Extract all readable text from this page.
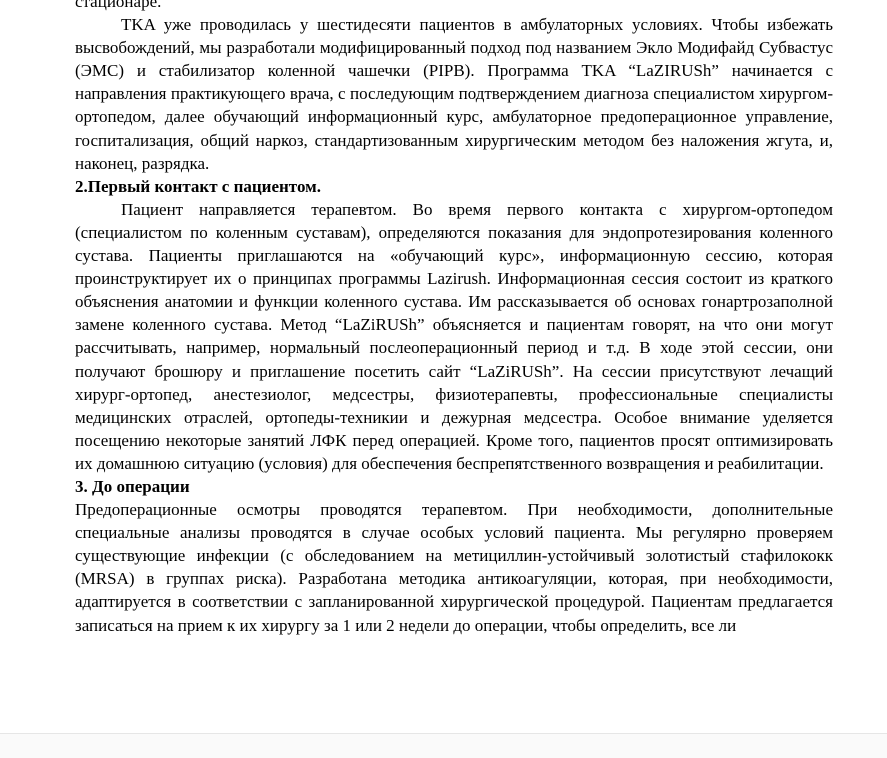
стационаре.

TKA уже проводилась у шестидесяти пациентов в амбулаторных условиях. Чтобы избежать высвобождений, мы разработали модифицированный подход под названием Экло Модифайд Субвастус (ЭМС) и стабилизатор коленной чашечки (PIPB). Программа TKA “LaZIRUSh” начинается с направления практикующего врача, с последующим подтверждением диагноза специалистом хирургом-ортопедом, далее обучающий информационный курс, амбулаторное предоперационное управление, госпитализация, общий наркоз, стандартизованным хирургическим методом без наложения жгута, и, наконец, разрядка.

2.Первый контакт с пациентом.

Пациент направляется терапевтом. Во время первого контакта с хирургом-ортопедом (специалистом по коленным суставам), определяются показания для эндопротезирования коленного сустава. Пациенты приглашаются на «обучающий курс», информационную сессию, которая проинструктирует их о принципах программы Lazirush. Информационная сессия состоит из краткого объяснения анатомии и функции коленного сустава. Им рассказывается об основах гонартрозаполной замене коленного сустава. Метод “LaZiRUSh” объясняется и пациентам говорят, на что они могут рассчитывать, например, нормальный послеоперационный период и т.д. В ходе этой сессии, они получают брошюру и приглашение посетить сайт “LaZiRUSh”. На сессии присутствуют лечащий хирург-ортопед, анестезиолог, медсестры, физиотерапевты, профессиональные специалисты медицинских отраслей, ортопеды-техникии и дежурная медсестра. Особое внимание уделяется посещению некоторые занятий ЛФК перед операцией. Кроме того, пациентов просят оптимизировать их домашнюю ситуацию (условия) для обеспечения беспрепятственного возвращения и реабилитации.

3. До операции

Предоперационные осмотры проводятся терапевтом. При необходимости, дополнительные специальные анализы проводятся в случае особых условий пациента. Мы регулярно проверяем существующие инфекции (с обследованием на метициллин-устойчивый золотистый стафилококк (MRSA) в группах риска). Разработана методика антикоагуляции, которая, при необходимости, адаптируется в соответствии с запланированной хирургической процедурой. Пациентам предлагается записаться на прием к их хирургу за 1 или 2 недели до операции, чтобы определить, все ли
